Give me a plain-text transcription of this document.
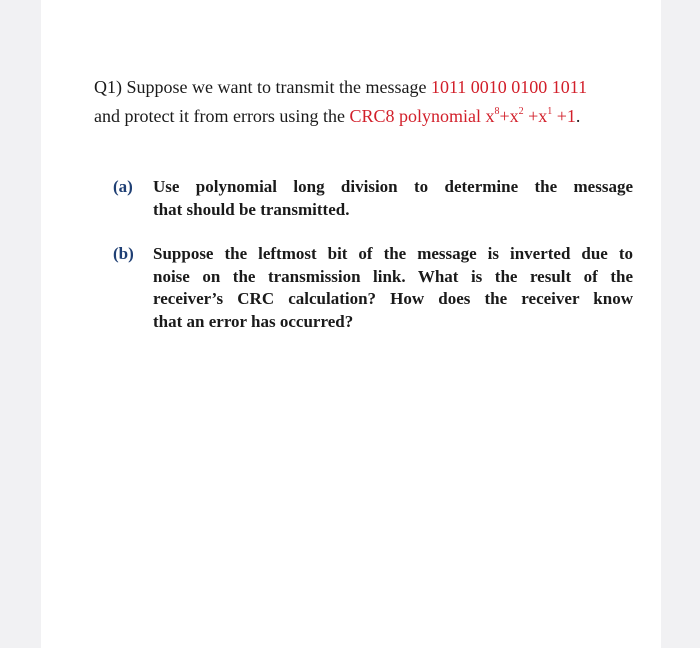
Q1) Suppose we want to transmit the message 1011 0010 0100 1011
and protect it from errors using the CRC8 polynomial $x^8+x^2 +x^1 +1$.
(a) Use polynomial long division to determine the message
that should be transmitted.
(b) Suppose the leftmost bit of the message is inverted due to
noise on the transmission link. What is the result of the
receiver’s CRC calculation? How does the receiver know
that an error has occurred?
